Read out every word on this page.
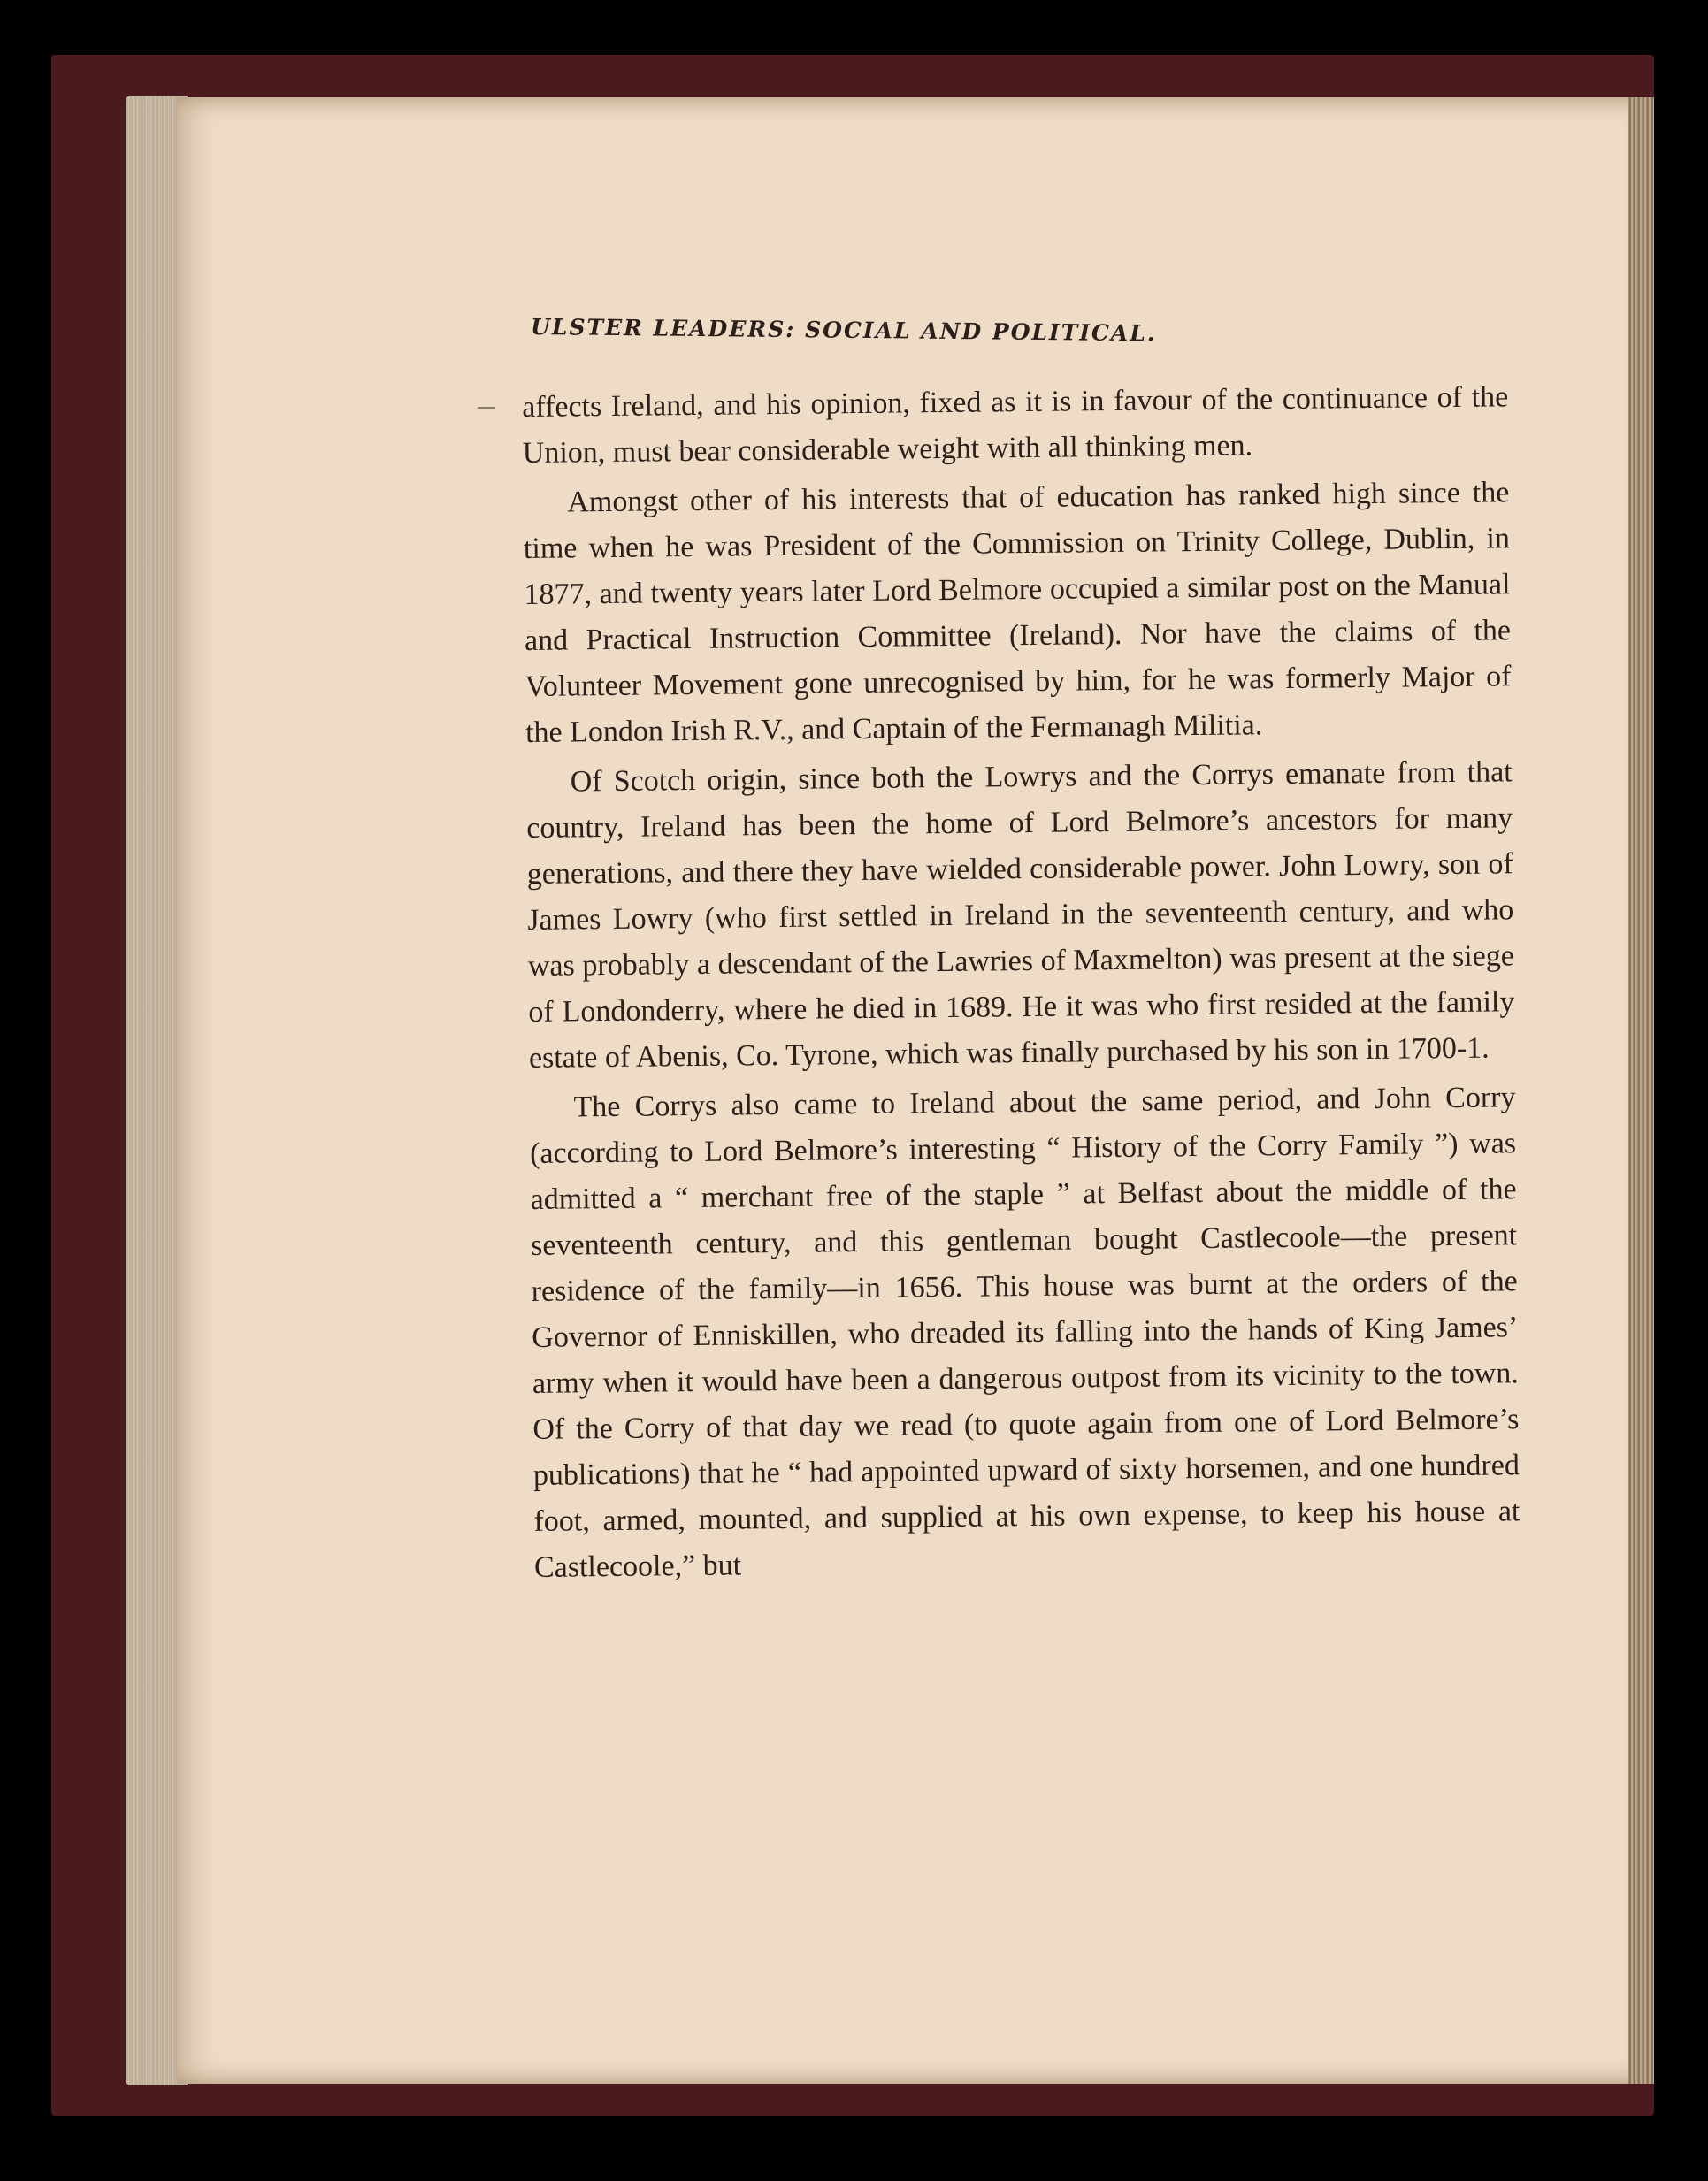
ULSTER LEADERS: SOCIAL AND POLITICAL.

affects Ireland, and his opinion, fixed as it is in favour of the continuance of the Union, must bear considerable weight with all thinking men.

Amongst other of his interests that of education has ranked high since the time when he was President of the Commission on Trinity College, Dublin, in 1877, and twenty years later Lord Belmore occupied a similar post on the Manual and Practical Instruction Committee (Ireland). Nor have the claims of the Volunteer Movement gone unrecognised by him, for he was formerly Major of the London Irish R.V., and Captain of the Fermanagh Militia.

Of Scotch origin, since both the Lowrys and the Corrys emanate from that country, Ireland has been the home of Lord Belmore’s ancestors for many generations, and there they have wielded considerable power. John Lowry, son of James Lowry (who first settled in Ireland in the seventeenth century, and who was probably a descendant of the Lawries of Maxmelton) was present at the siege of Londonderry, where he died in 1689. He it was who first resided at the family estate of Abenis, Co. Tyrone, which was finally purchased by his son in 1700-1.

The Corrys also came to Ireland about the same period, and John Corry (according to Lord Belmore’s interesting “ History of the Corry Family ”) was admitted a “ merchant free of the staple ” at Belfast about the middle of the seventeenth century, and this gentleman bought Castlecoole—the present residence of the family—in 1656. This house was burnt at the orders of the Governor of Enniskillen, who dreaded its falling into the hands of King James’ army when it would have been a dangerous outpost from its vicinity to the town. Of the Corry of that day we read (to quote again from one of Lord Belmore’s publications) that he “ had appointed upward of sixty horsemen, and one hundred foot, armed, mounted, and supplied at his own expense, to keep his house at Castlecoole,” but
